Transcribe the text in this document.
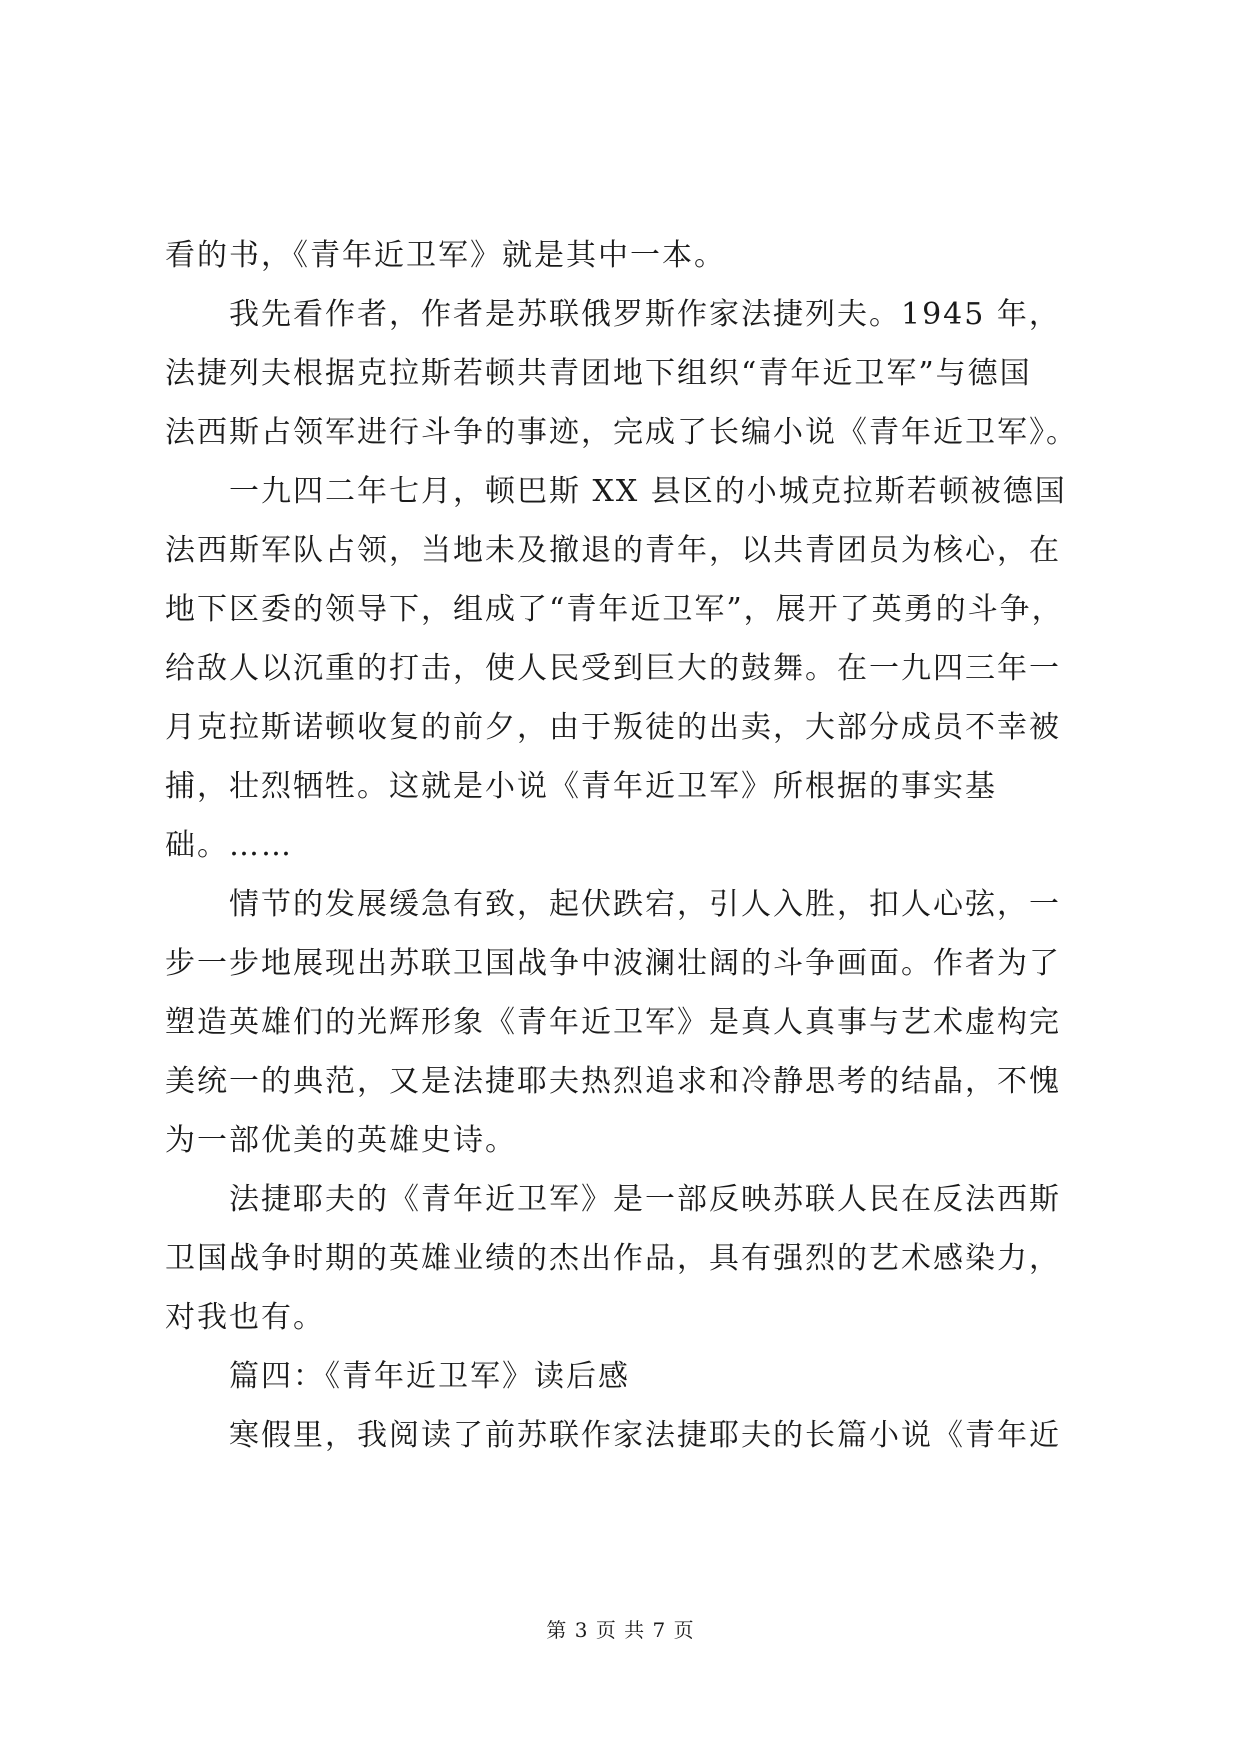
看的书，《青年近卫军》就是其中一本。
我先看作者，作者是苏联俄罗斯作家法捷列夫。1945 年，
法捷列夫根据克拉斯若顿共青团地下组织“青年近卫军”与德国
法西斯占领军进行斗争的事迹，完成了长编小说《青年近卫军》。
一九四二年七月，顿巴斯 XX 县区的小城克拉斯若顿被德国
法西斯军队占领，当地未及撤退的青年，以共青团员为核心，在
地下区委的领导下，组成了“青年近卫军”，展开了英勇的斗争，
给敌人以沉重的打击，使人民受到巨大的鼓舞。在一九四三年一
月克拉斯诺顿收复的前夕，由于叛徒的出卖，大部分成员不幸被
捕，壮烈牺牲。这就是小说《青年近卫军》所根据的事实基
础。……
情节的发展缓急有致，起伏跌宕，引人入胜，扣人心弦，一
步一步地展现出苏联卫国战争中波澜壮阔的斗争画面。作者为了
塑造英雄们的光辉形象《青年近卫军》是真人真事与艺术虚构完
美统一的典范，又是法捷耶夫热烈追求和冷静思考的结晶，不愧
为一部优美的英雄史诗。
法捷耶夫的《青年近卫军》是一部反映苏联人民在反法西斯
卫国战争时期的英雄业绩的杰出作品，具有强烈的艺术感染力，
对我也有。
篇四：《青年近卫军》读后感
寒假里，我阅读了前苏联作家法捷耶夫的长篇小说《青年近
第 3 页 共 7 页
